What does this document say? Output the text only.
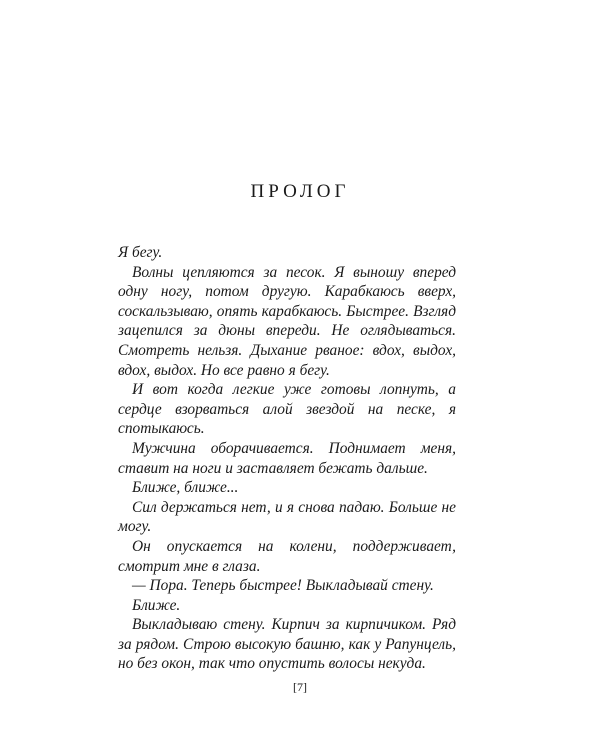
ПРОЛОГ

Я бегу.

Волны цепляются за песок. Я выношу вперед одну ногу, потом другую. Карабкаюсь вверх, соскальзываю, опять карабкаюсь. Быстрее. Взгляд зацепился за дюны впереди. Не оглядываться. Смотреть нельзя. Дыхание рваное: вдох, выдох, вдох, выдох. Но все равно я бегу.

И вот когда легкие уже готовы лопнуть, а сердце взорваться алой звездой на песке, я спотыкаюсь.

Мужчина оборачивается. Поднимает меня, ставит на ноги и заставляет бежать дальше.

Ближе, ближе...

Сил держаться нет, и я снова падаю. Больше не могу.

Он опускается на колени, поддерживает, смотрит мне в глаза.

— Пора. Теперь быстрее! Выкладывай стену.

Ближе.

Выкладываю стену. Кирпич за кирпичиком. Ряд за рядом. Строю высокую башню, как у Рапунцель, но без окон, так что опустить волосы некуда.

[7]
